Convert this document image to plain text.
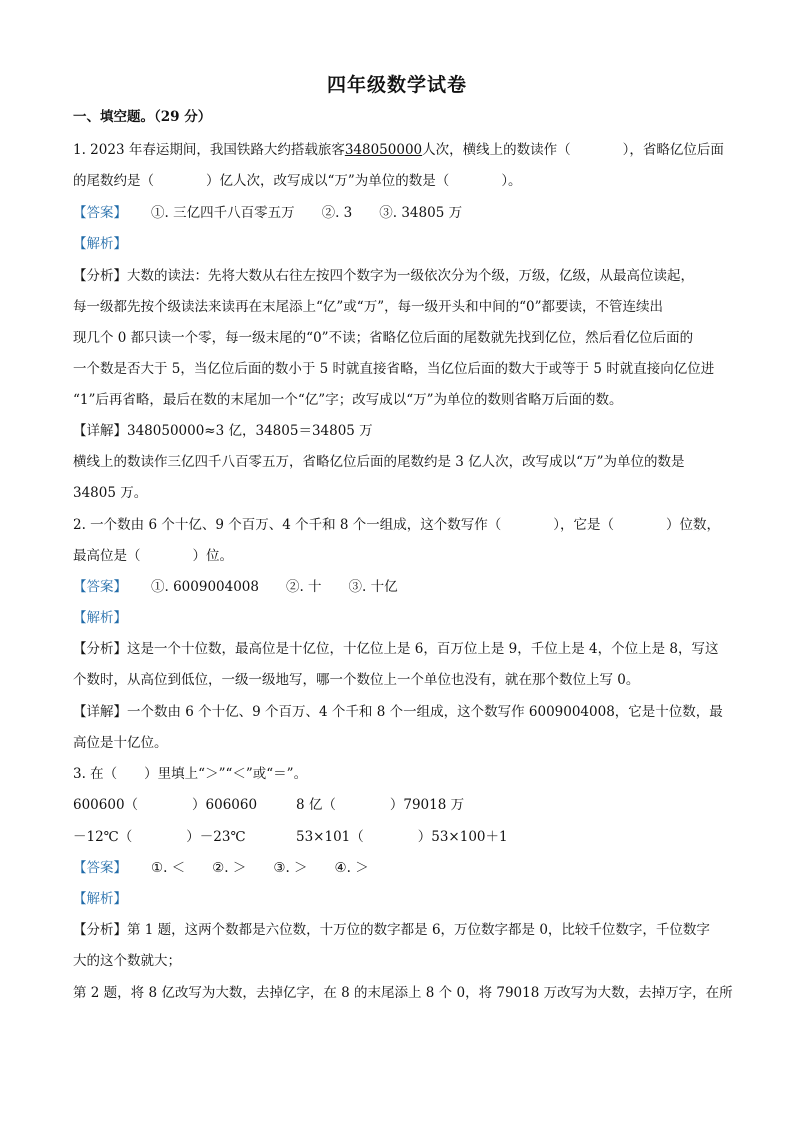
四年级数学试卷
一、填空题。（29 分）
1. 2023 年春运期间，我国铁路大约搭载旅客348050000人次，横线上的数读作（	），省略亿位后面
的尾数约是（	）亿人次，改写成以“万”为单位的数是（	）。
【答案】 ①. 三亿四千八百零五万　　②. 3　　③. 34805 万
【解析】
【分析】大数的读法：先将大数从右往左按四个数字为一级依次分为个级，万级，亿级，从最高位读起，
每一级都先按个级读法来读再在末尾添上“亿”或“万”，每一级开头和中间的“0”都要读，不管连续出
现几个 0 都只读一个零，每一级末尾的“0”不读；省略亿位后面的尾数就先找到亿位，然后看亿位后面的
一个数是否大于 5，当亿位后面的数小于 5 时就直接省略，当亿位后面的数大于或等于 5 时就直接向亿位进
“1”后再省略，最后在数的末尾加一个“亿”字；改写成以“万”为单位的数则省略万后面的数。
【详解】348050000≈3 亿，34805＝34805 万
横线上的数读作三亿四千八百零五万，省略亿位后面的尾数约是 3 亿人次，改写成以“万”为单位的数是
34805 万。
2. 一个数由 6 个十亿、9 个百万、4 个千和 8 个一组成，这个数写作（	），它是（	）位数，
最高位是（	）位。
【答案】 ①. 6009004008　　②. 十　　③. 十亿
【解析】
【分析】这是一个十位数，最高位是十亿位，十亿位上是 6，百万位上是 9，千位上是 4，个位上是 8，写这
个数时，从高位到低位，一级一级地写，哪一个数位上一个单位也没有，就在那个数位上写 0。
【详解】一个数由 6 个十亿、9 个百万、4 个千和 8 个一组成，这个数写作 6009004008，它是十位数，最
高位是十亿位。
3. 在（　　）里填上“＞”“＜”或“＝”。
600600（　　　　）606060	8 亿（　　　　）79018 万
－12℃（　　　　）－23℃	53×101（　　　　）53×100＋1
【答案】 ①. ＜　　②. ＞　　③. ＞　　④. ＞
【解析】
【分析】第 1 题，这两个数都是六位数，十万位的数字都是 6，万位数字都是 0，比较千位数字，千位数字
大的这个数就大；
第 2 题，将 8 亿改写为大数，去掉亿字，在 8 的末尾添上 8 个 0，将 79018 万改写为大数，去掉万字，在所
